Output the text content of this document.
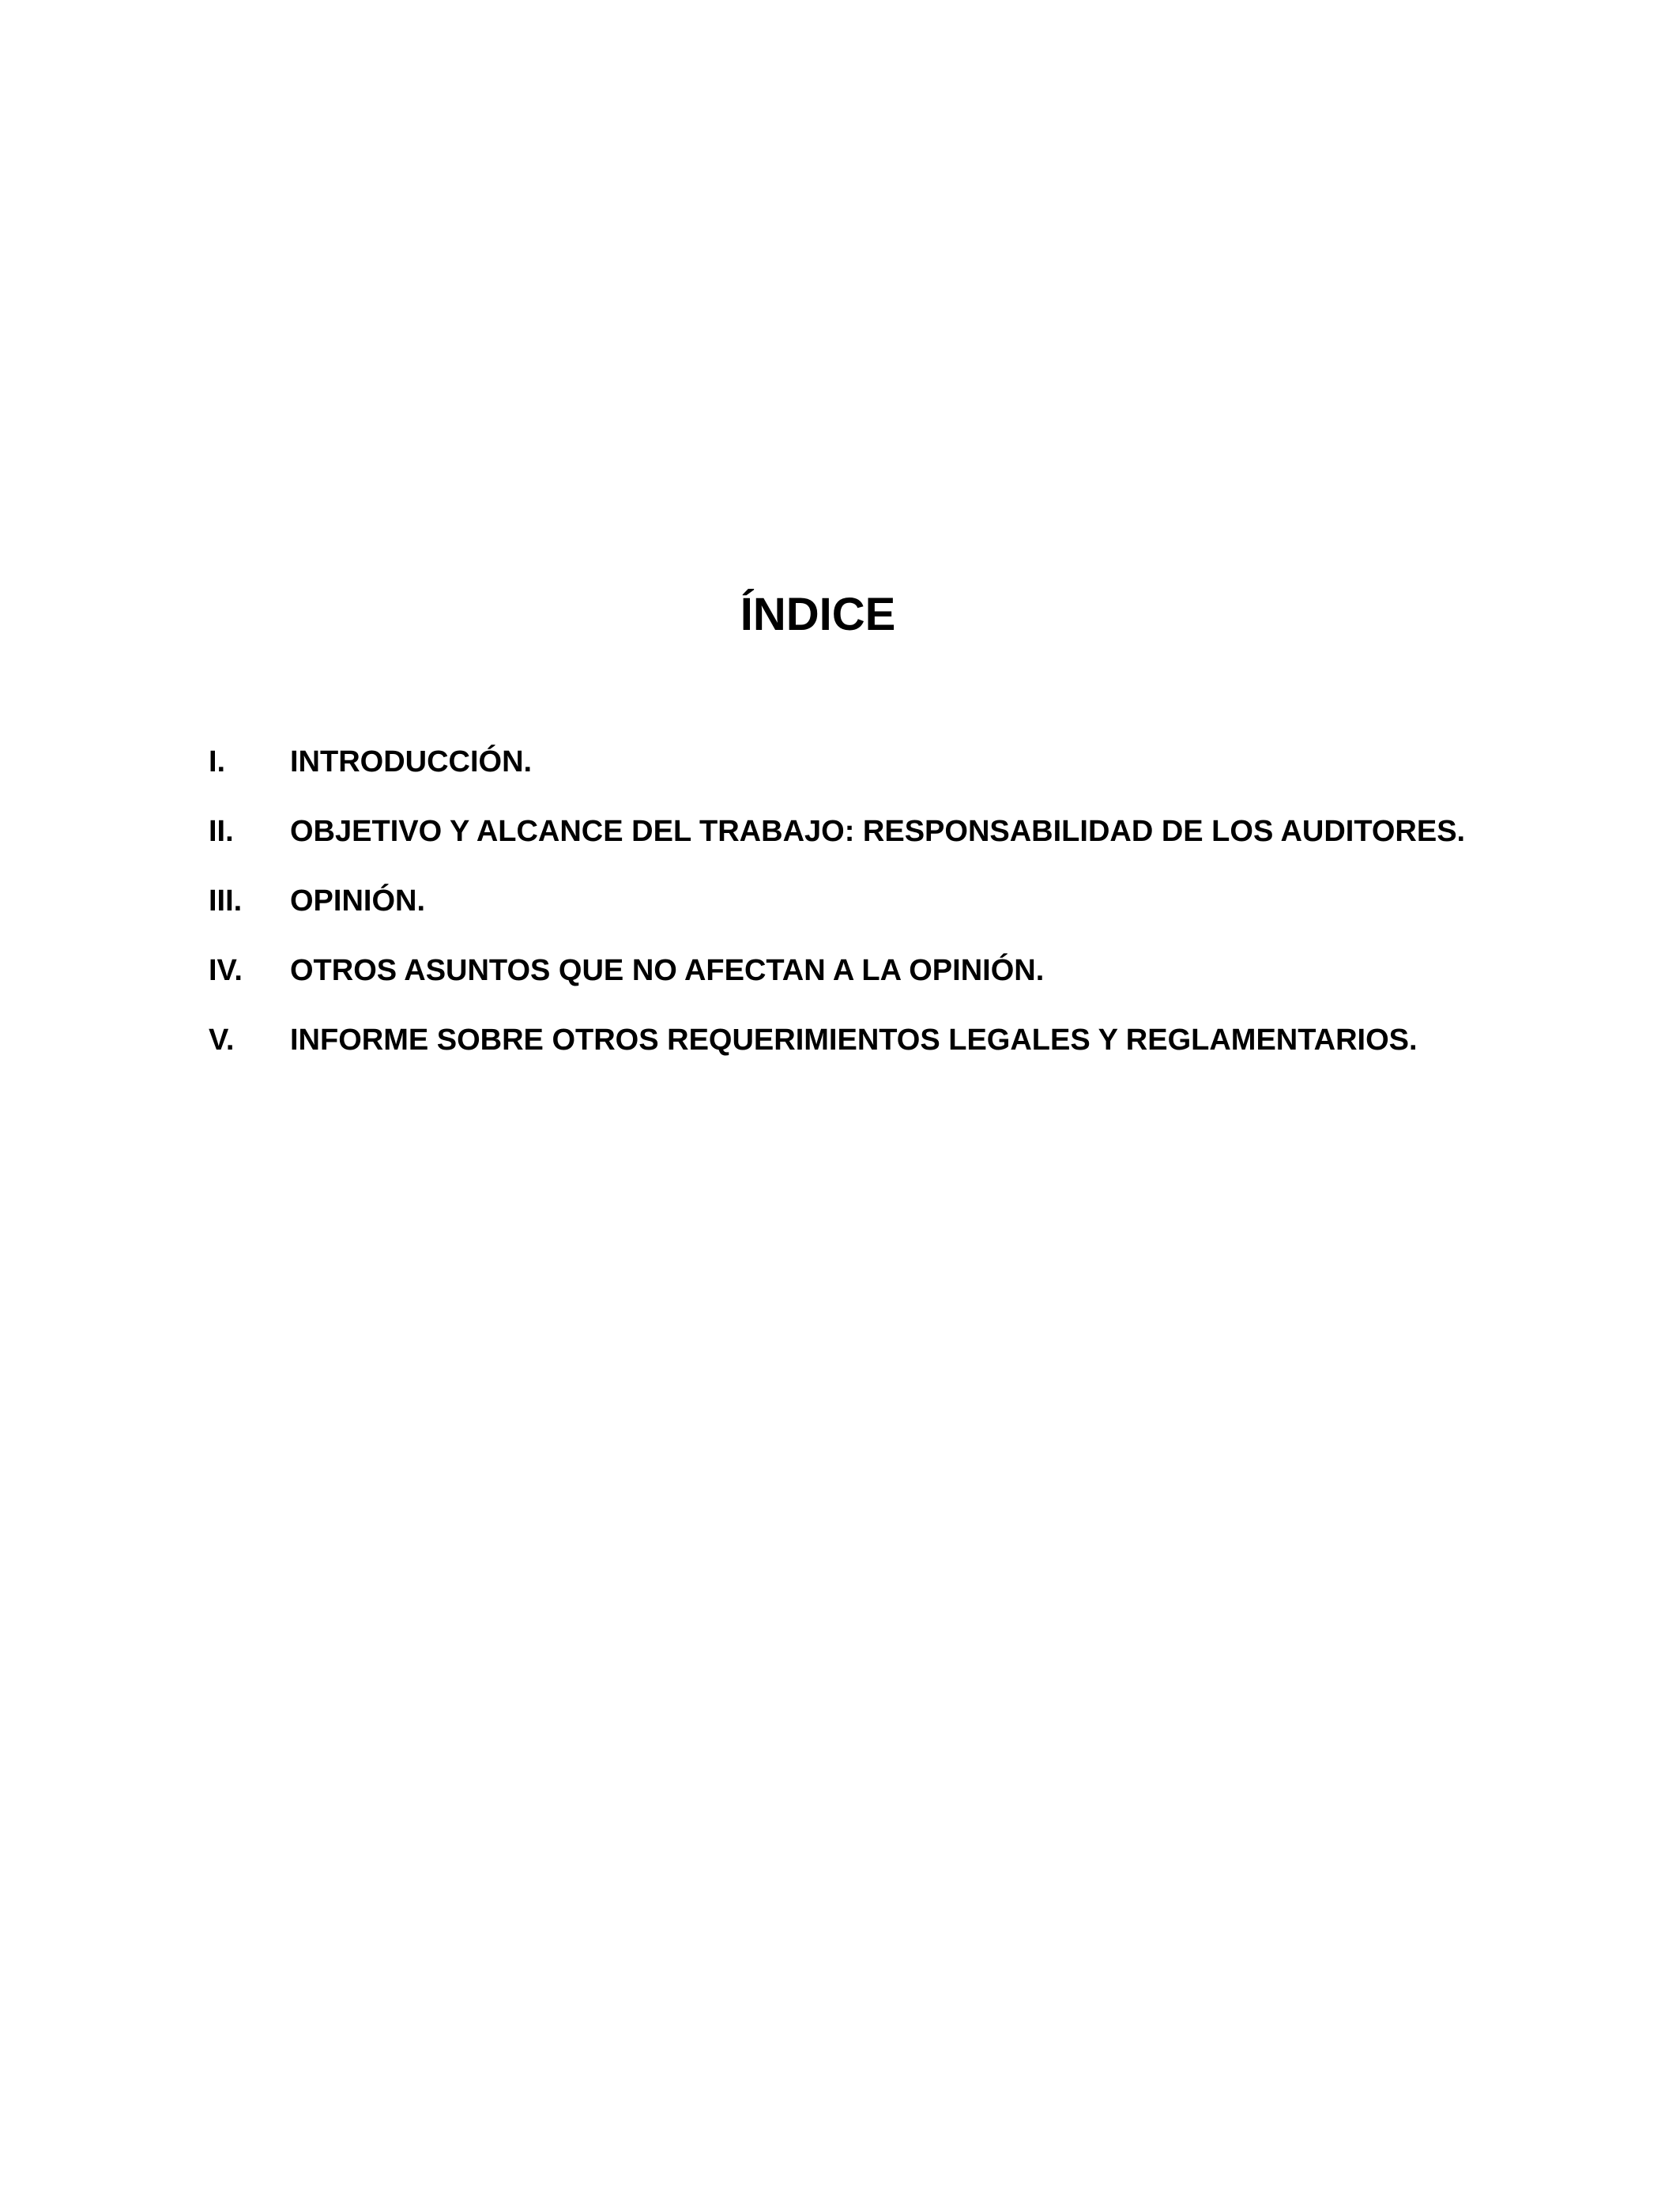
ÍNDICE
I.	INTRODUCCIÓN.
II.	OBJETIVO Y ALCANCE DEL TRABAJO: RESPONSABILIDAD DE LOS AUDITORES.
III.	OPINIÓN.
IV.	OTROS ASUNTOS QUE NO AFECTAN A LA OPINIÓN.
V.	INFORME SOBRE OTROS REQUERIMIENTOS LEGALES Y REGLAMENTARIOS.
